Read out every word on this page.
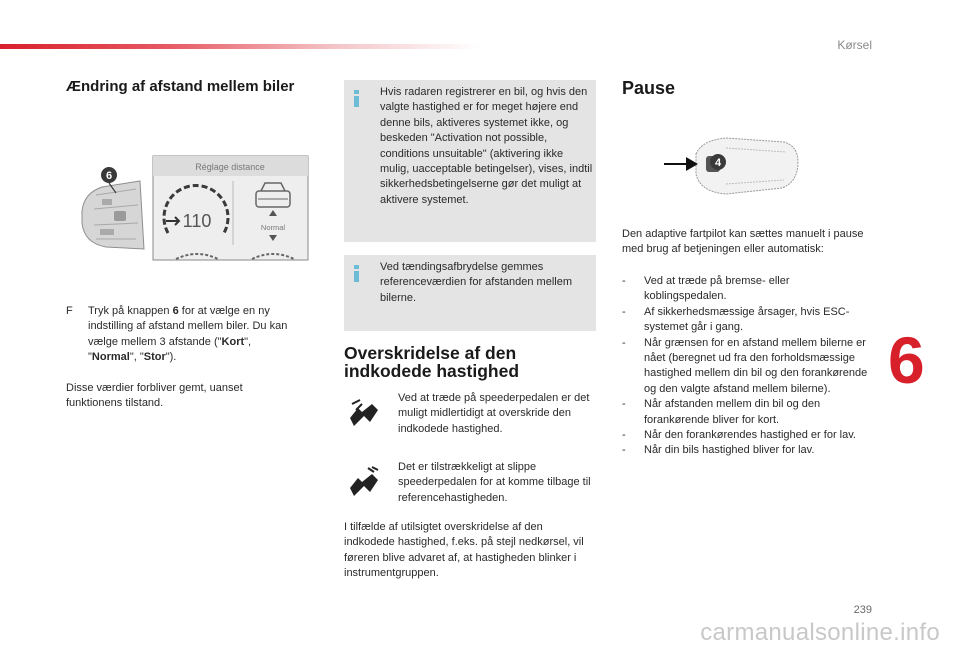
Kørsel
Ændring af afstand mellem biler
6
Réglage distance
110	Normal
F	Tryk på knappen 6 for at vælge en ny indstilling af afstand mellem biler. Du kan vælge mellem 3 afstande ("Kort", "Normal", "Stor").
Disse værdier forbliver gemt, uanset funktionens tilstand.
Hvis radaren registrerer en bil, og hvis den valgte hastighed er for meget højere end denne bils, aktiveres systemet ikke, og beskeden "Activation not possible, conditions unsuitable" (aktivering ikke mulig, uacceptable betingelser), vises, indtil sikkerhedsbetingelserne gør det muligt at aktivere systemet.
Ved tændingsafbrydelse gemmes referenceværdien for afstanden mellem bilerne.
Overskridelse af den indkodede hastighed
Ved at træde på speederpedalen er det muligt midlertidigt at overskride den indkodede hastighed.
Det er tilstrækkeligt at slippe speederpedalen for at komme tilbage til referencehastigheden.
I tilfælde af utilsigtet overskridelse af den indkodede hastighed, f.eks. på stejl nedkørsel, vil føreren blive advaret af, at hastigheden blinker i instrumentgruppen.
Pause
4
Den adaptive fartpilot kan sættes manuelt i pause med brug af betjeningen eller automatisk:
- Ved at træde på bremse- eller koblingspedalen.
- Af sikkerhedsmæssige årsager, hvis ESC-systemet går i gang.
- Når grænsen for en afstand mellem bilerne er nået (beregnet ud fra den forholdsmæssige hastighed mellem din bil og den forankørende og den valgte afstand mellem bilerne).
- Når afstanden mellem din bil og den forankørende bliver for kort.
- Når den forankørendes hastighed er for lav.
- Når din bils hastighed bliver for lav.
6
239
carmanualsonline.info
